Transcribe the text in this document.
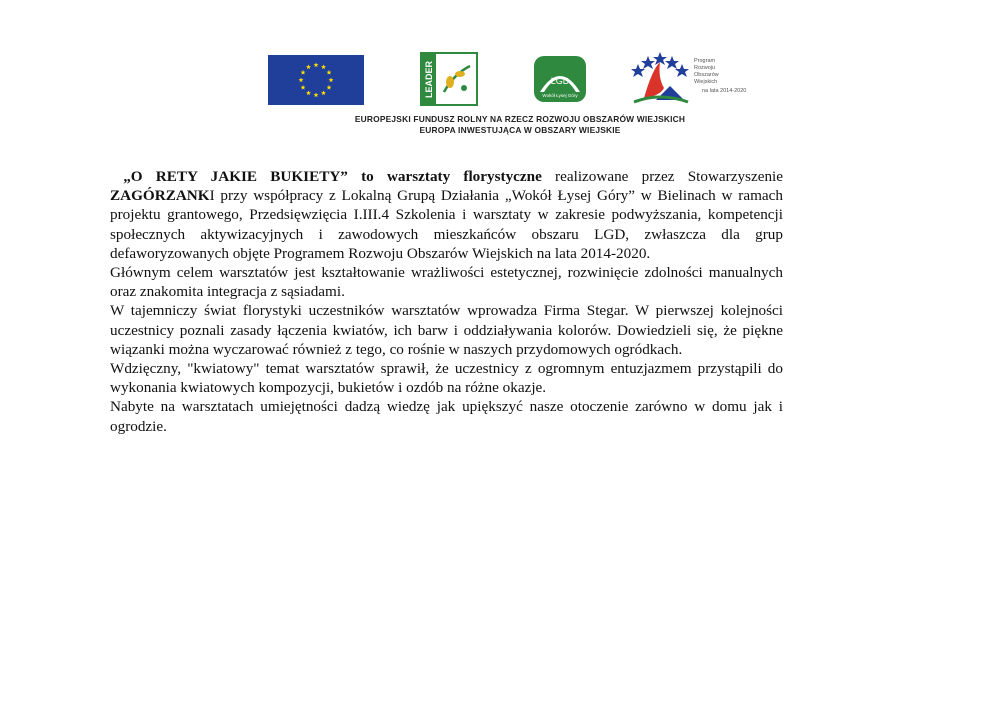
LEADER	LGD
Wokół Łysej Góry
Program
Rozwoju
Obszarów
Wiejskich
na lata 2014-2020
EUROPEJSKI FUNDUSZ ROLNY NA RZECZ ROZWOJU OBSZARÓW WIEJSKICH
EUROPA INWESTUJĄCA W OBSZARY WIEJSKIE

„O RETY JAKIE BUKIETY” to warsztaty florystyczne realizowane przez Stowarzyszenie ZAGÓRZANKI przy współpracy z Lokalną Grupą Działania „Wokół Łysej Góry” w Bielinach w ramach projektu grantowego, Przedsięwzięcia I.III.4 Szkolenia i warsztaty w zakresie podwyższania, kompetencji społecznych aktywizacyjnych i zawodowych mieszkańców obszaru LGD, zwłaszcza dla grup defaworyzowanych objęte Programem Rozwoju Obszarów Wiejskich na lata 2014-2020.

Głównym celem warsztatów jest kształtowanie wrażliwości estetycznej, rozwinięcie zdolności manualnych oraz znakomita integracja z sąsiadami.

W tajemniczy świat florystyki uczestników warsztatów wprowadza Firma Stegar. W pierwszej kolejności uczestnicy poznali zasady łączenia kwiatów, ich barw i oddziaływania kolorów. Dowiedzieli się, że piękne wiązanki można wyczarować również z tego, co rośnie w naszych przydomowych ogródkach.

Wdzięczny, "kwiatowy" temat warsztatów sprawił, że uczestnicy z ogromnym entuzjazmem przystąpili do wykonania kwiatowych kompozycji, bukietów i ozdób na różne okazje.

Nabyte na warsztatach umiejętności dadzą wiedzę jak upiększyć nasze otoczenie zarówno w domu jak i ogrodzie.
